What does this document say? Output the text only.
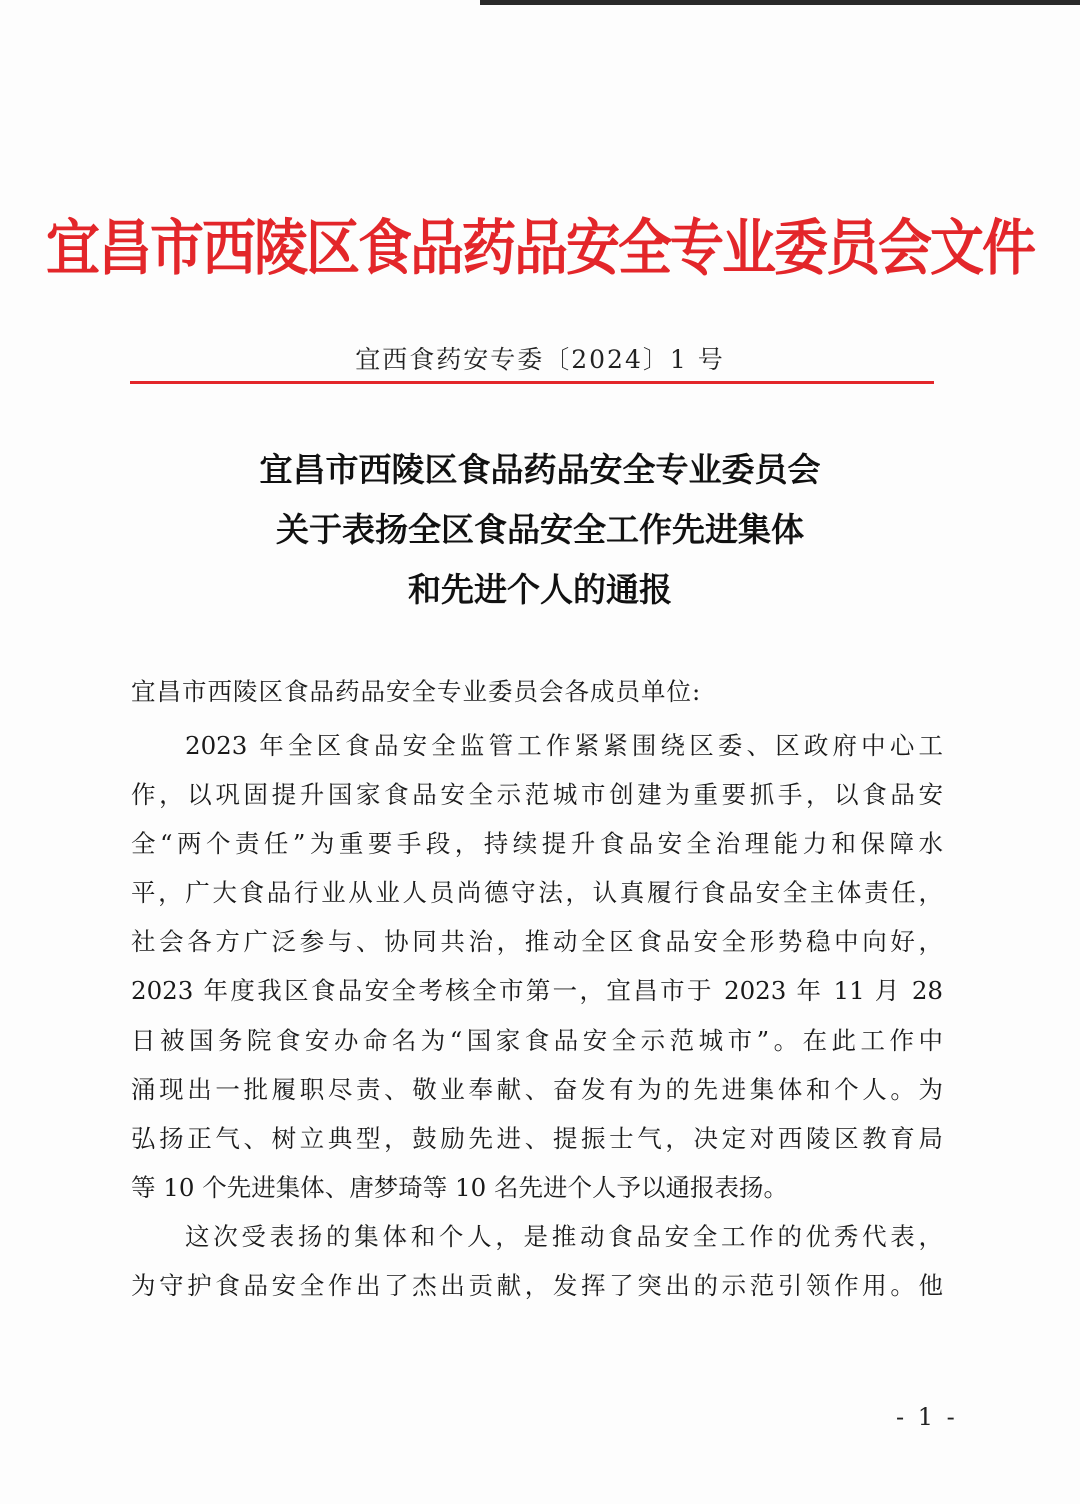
宜昌市西陵区食品药品安全专业委员会文件
宜西食药安专委〔2024〕1 号
宜昌市西陵区食品药品安全专业委员会
关于表扬全区食品安全工作先进集体
和先进个人的通报
宜昌市西陵区食品药品安全专业委员会各成员单位:
2023 年全区食品安全监管工作紧紧围绕区委、区政府中心工
作，以巩固提升国家食品安全示范城市创建为重要抓手，以食品安
全“两个责任”为重要手段，持续提升食品安全治理能力和保障水
平，广大食品行业从业人员尚德守法，认真履行食品安全主体责任，
社会各方广泛参与、协同共治，推动全区食品安全形势稳中向好，
2023 年度我区食品安全考核全市第一，宜昌市于 2023 年 11 月 28
日被国务院食安办命名为“国家食品安全示范城市”。在此工作中
涌现出一批履职尽责、敬业奉献、奋发有为的先进集体和个人。为
弘扬正气、树立典型，鼓励先进、提振士气，决定对西陵区教育局
等 10 个先进集体、唐梦琦等 10 名先进个人予以通报表扬。
这次受表扬的集体和个人，是推动食品安全工作的优秀代表，
为守护食品安全作出了杰出贡献，发挥了突出的示范引领作用。他
- 1 -
